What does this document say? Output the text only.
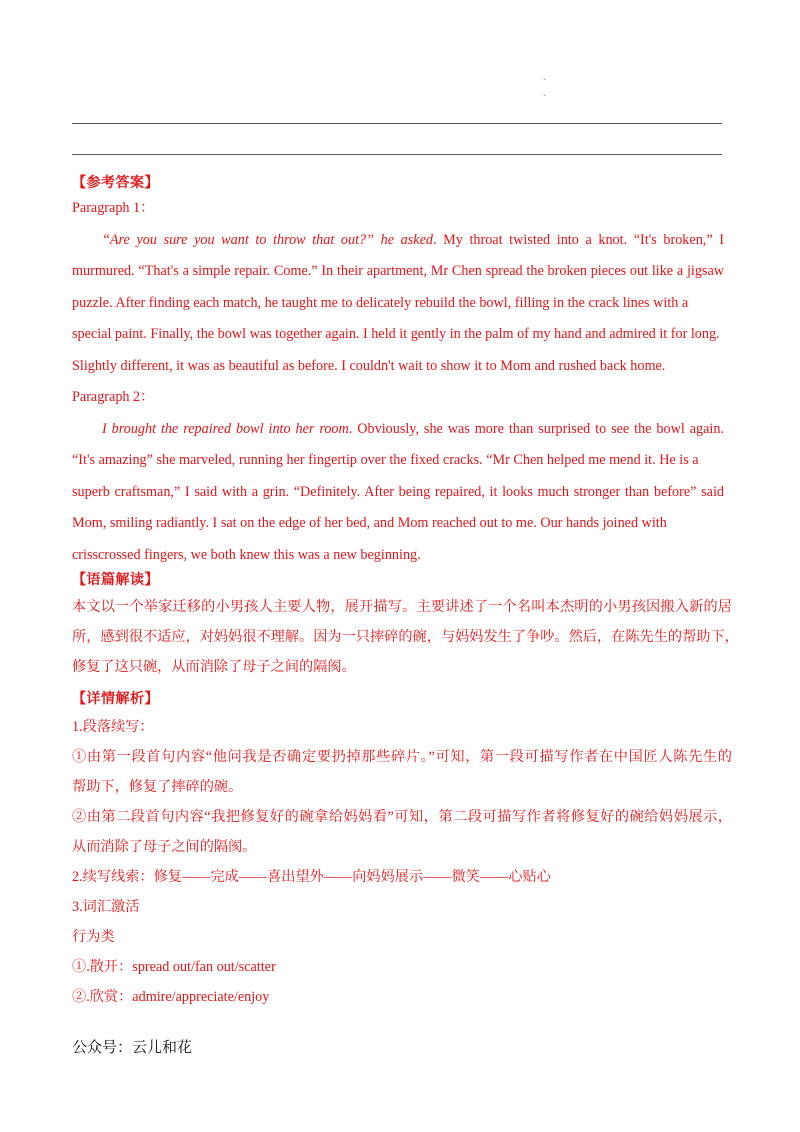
.
.
【参考答案】
Paragraph 1：
“Are you sure you want to throw that out?” he asked. My throat twisted into a knot. “It's broken,” I
murmured. “That's a simple repair. Come.” In their apartment, Mr Chen spread the broken pieces out like a jigsaw
puzzle. After finding each match, he taught me to delicately rebuild the bowl, filling in the crack lines with a
special paint. Finally, the bowl was together again. I held it gently in the palm of my hand and admired it for long.
Slightly different, it was as beautiful as before. I couldn't wait to show it to Mom and rushed back home.
Paragraph 2：
I brought the repaired bowl into her room. Obviously, she was more than surprised to see the bowl again.
“It's amazing” she marveled, running her fingertip over the fixed cracks. “Mr Chen helped me mend it. He is a
superb craftsman,” I said with a grin. “Definitely. After being repaired, it looks much stronger than before” said
Mom, smiling radiantly. I sat on the edge of her bed, and Mom reached out to me. Our hands joined with
crisscrossed fingers, we both knew this was a new beginning.
【语篇解读】
本文以一个举家迁移的小男孩人主要人物，展开描写。主要讲述了一个名叫本杰明的小男孩因搬入新的居
所，感到很不适应，对妈妈很不理解。因为一只摔碎的碗，与妈妈发生了争吵。然后，在陈先生的帮助下，
修复了这只碗，从而消除了母子之间的隔阂。
【详情解析】
1.段落续写：
①由第一段首句内容“他问我是否确定要扔掉那些碎片。”可知，第一段可描写作者在中国匠人陈先生的
帮助下，修复了摔碎的碗。
②由第二段首句内容“我把修复好的碗拿给妈妈看”可知，第二段可描写作者将修复好的碗给妈妈展示，
从而消除了母子之间的隔阂。
2.续写线索：修复——完成——喜出望外——向妈妈展示——微笑——心贴心
3.词汇激活
行为类
①.散开：spread out/fan out/scatter
②.欣赏：admire/appreciate/enjoy
公众号：云儿和花
